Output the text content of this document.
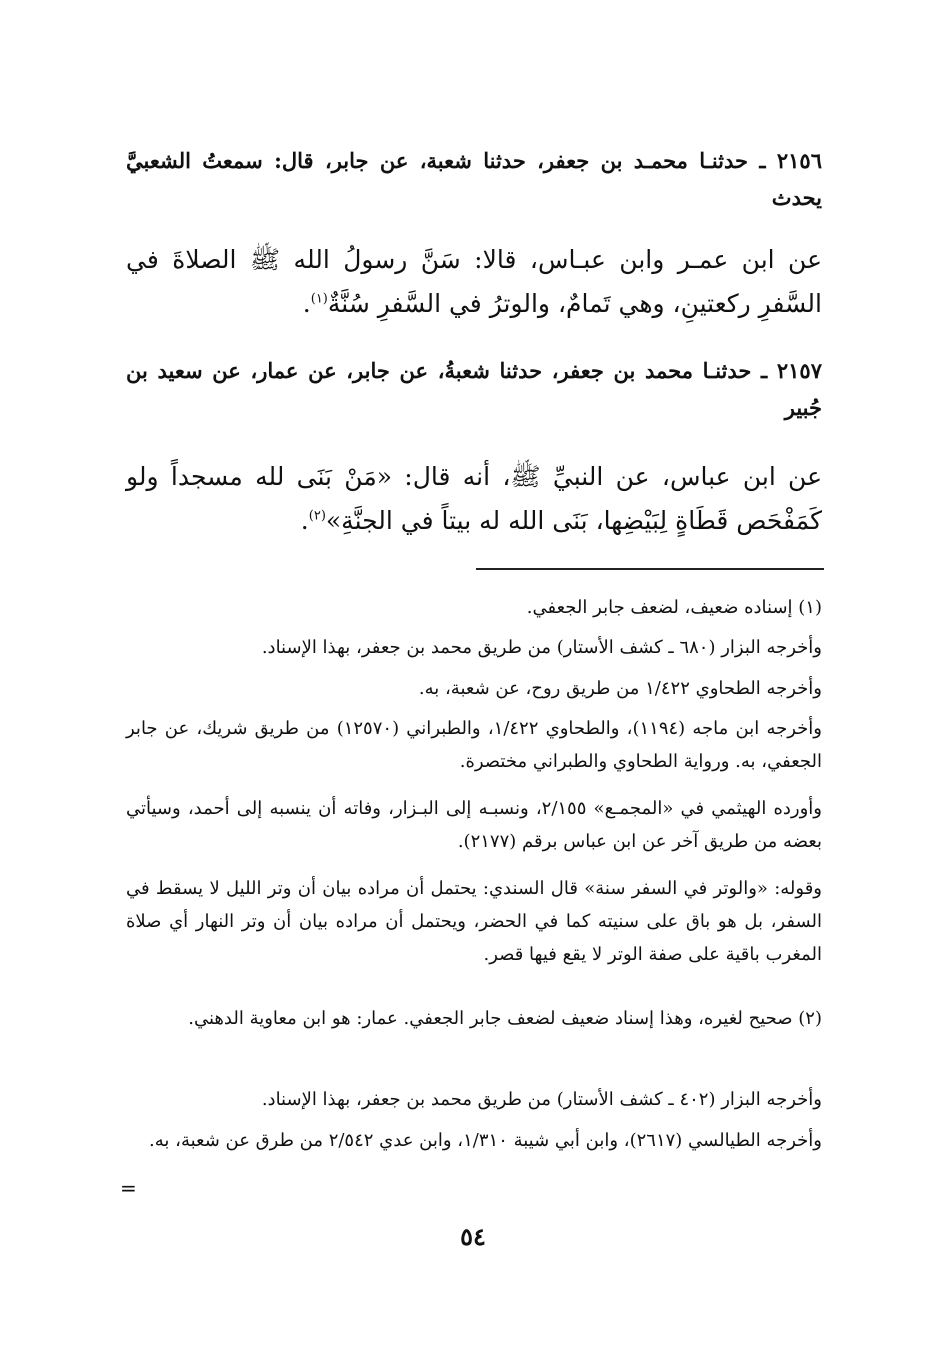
٢١٥٦ ـ حدثنـا محمـد بن جعفر، حدثنا شعبة، عن جابر، قال: سمعتُ الشعبيَّ يحدث

عن ابن عمـر وابن عبـاس، قالا: سَنَّ رسولُ الله ﷺ الصلاةَ في السَّفرِ ركعتينِ، وهي تَمامٌ، والوترُ في السَّفرِ سُنَّةٌ$^{(١)}$.

٢١٥٧ ـ حدثنـا محمد بن جعفر، حدثنا شعبةُ، عن جابر، عن عمار، عن سعيد بن جُبير

عن ابن عباس، عن النبيِّ ﷺ، أنه قال: «مَنْ بَنَى لله مسجداً ولو كَمَفْحَص قَطَاةٍ لِبَيْضِها، بَنَى الله له بيتاً في الجنَّةِ»$^{(٢)}$.

(١) إسناده ضعيف، لضعف جابر الجعفي.

وأخرجه البزار (٦٨٠ ـ كشف الأستار) من طريق محمد بن جعفر، بهذا الإسناد.

وأخرجه الطحاوي ١/٤٢٢ من طريق روح، عن شعبة، به.

وأخرجه ابن ماجه (١١٩٤)، والطحاوي ١/٤٢٢، والطبراني (١٢٥٧٠) من طريق شريك، عن جابر الجعفي، به. ورواية الطحاوي والطبراني مختصرة.

وأورده الهيثمي في «المجمـع» ٢/١٥٥، ونسبـه إلى البـزار، وفاته أن ينسبه إلى أحمد، وسيأتي بعضه من طريق آخر عن ابن عباس برقم (٢١٧٧).

وقوله: «والوتر في السفر سنة» قال السندي: يحتمل أن مراده بيان أن وتر الليل لا يسقط في السفر، بل هو باق على سنيته كما في الحضر، ويحتمل أن مراده بيان أن وتر النهار أي صلاة المغرب باقية على صفة الوتر لا يقع فيها قصر.

(٢) صحيح لغيره، وهذا إسناد ضعيف لضعف جابر الجعفي. عمار: هو ابن معاوية الدهني.

وأخرجه البزار (٤٠٢ ـ كشف الأستار) من طريق محمد بن جعفر، بهذا الإسناد.

وأخرجه الطيالسي (٢٦١٧)، وابن أبي شيبة ١/٣١٠، وابن عدي ٢/٥٤٢ من طرق عن شعبة، به.

=
٥٤
